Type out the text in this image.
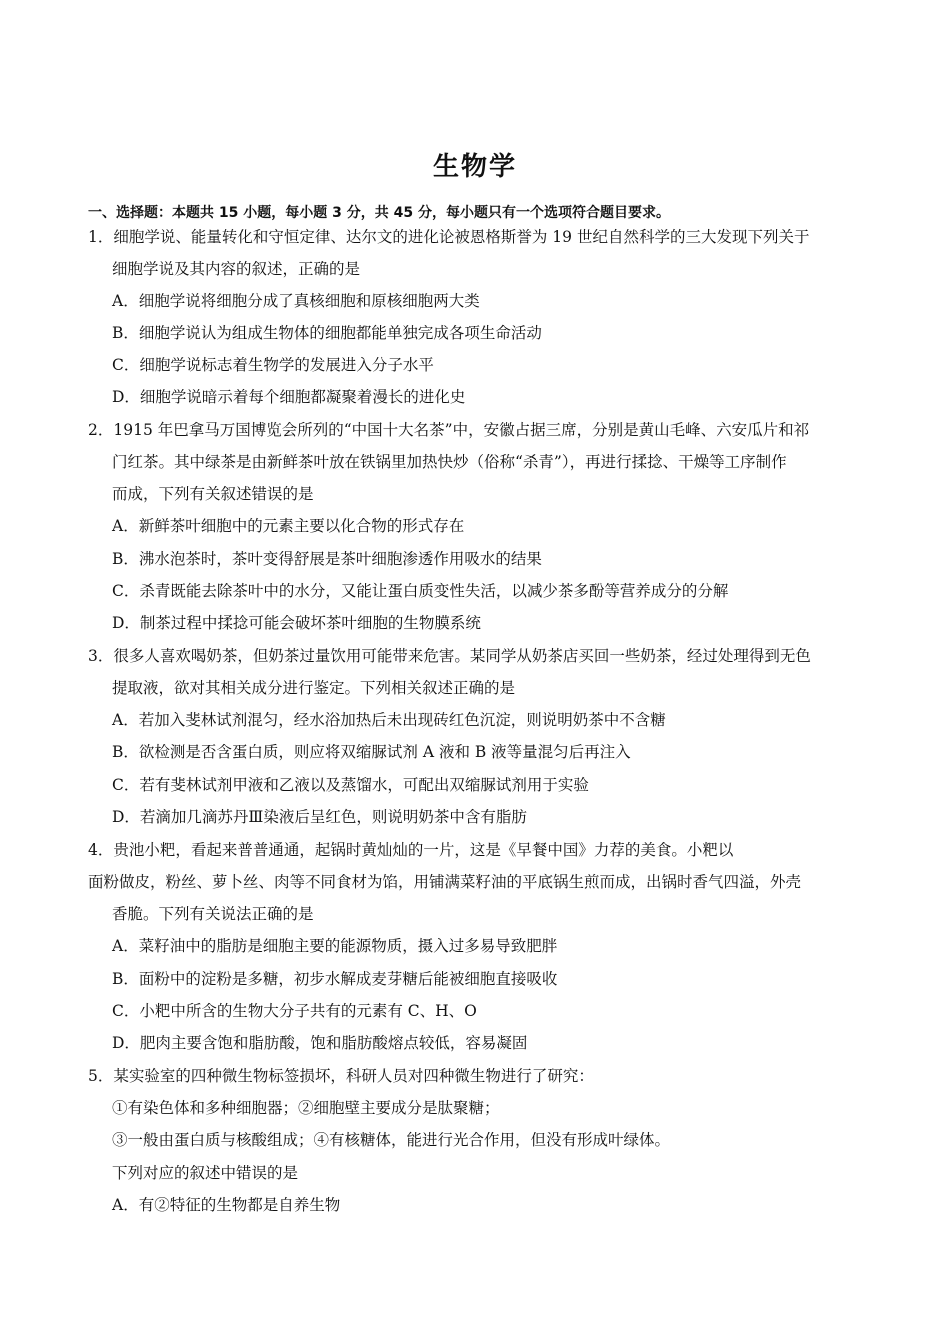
生物学
一、选择题：本题共 15 小题，每小题 3 分，共 45 分，每小题只有一个选项符合题目要求。
1．细胞学说、能量转化和守恒定律、达尔文的进化论被恩格斯誉为 19 世纪自然科学的三大发现下列关于
细胞学说及其内容的叙述，正确的是
A．细胞学说将细胞分成了真核细胞和原核细胞两大类
B．细胞学说认为组成生物体的细胞都能单独完成各项生命活动
C．细胞学说标志着生物学的发展进入分子水平
D．细胞学说暗示着每个细胞都凝聚着漫长的进化史
2．1915 年巴拿马万国博览会所列的“中国十大名茶”中，安徽占据三席，分别是黄山毛峰、六安瓜片和祁
门红茶。其中绿茶是由新鲜茶叶放在铁锅里加热快炒（俗称“杀青”），再进行揉捻、干燥等工序制作
而成，下列有关叙述错误的是
A．新鲜茶叶细胞中的元素主要以化合物的形式存在
B．沸水泡茶时，茶叶变得舒展是茶叶细胞渗透作用吸水的结果
C．杀青既能去除茶叶中的水分，又能让蛋白质变性失活，以减少茶多酚等营养成分的分解
D．制茶过程中揉捻可能会破坏茶叶细胞的生物膜系统
3．很多人喜欢喝奶茶，但奶茶过量饮用可能带来危害。某同学从奶茶店买回一些奶茶，经过处理得到无色
提取液，欲对其相关成分进行鉴定。下列相关叙述正确的是
A．若加入斐林试剂混匀，经水浴加热后未出现砖红色沉淀，则说明奶茶中不含糖
B．欲检测是否含蛋白质，则应将双缩脲试剂 A 液和 B 液等量混匀后再注入
C．若有斐林试剂甲液和乙液以及蒸馏水，可配出双缩脲试剂用于实验
D．若滴加几滴苏丹Ⅲ染液后呈红色，则说明奶茶中含有脂肪
4．贵池小粑，看起来普普通通，起锅时黄灿灿的一片，这是《早餐中国》力荐的美食。小粑以
面粉做皮，粉丝、萝卜丝、肉等不同食材为馅，用铺满菜籽油的平底锅生煎而成，出锅时香气四溢，外壳
香脆。下列有关说法正确的是
A．菜籽油中的脂肪是细胞主要的能源物质，摄入过多易导致肥胖
B．面粉中的淀粉是多糖，初步水解成麦芽糖后能被细胞直接吸收
C．小粑中所含的生物大分子共有的元素有 C、H、O
D．肥肉主要含饱和脂肪酸，饱和脂肪酸熔点较低，容易凝固
5．某实验室的四种微生物标签损坏，科研人员对四种微生物进行了研究：
①有染色体和多种细胞器；②细胞壁主要成分是肽聚糖；
③一般由蛋白质与核酸组成；④有核糖体，能进行光合作用，但没有形成叶绿体。
下列对应的叙述中错误的是
A．有②特征的生物都是自养生物
